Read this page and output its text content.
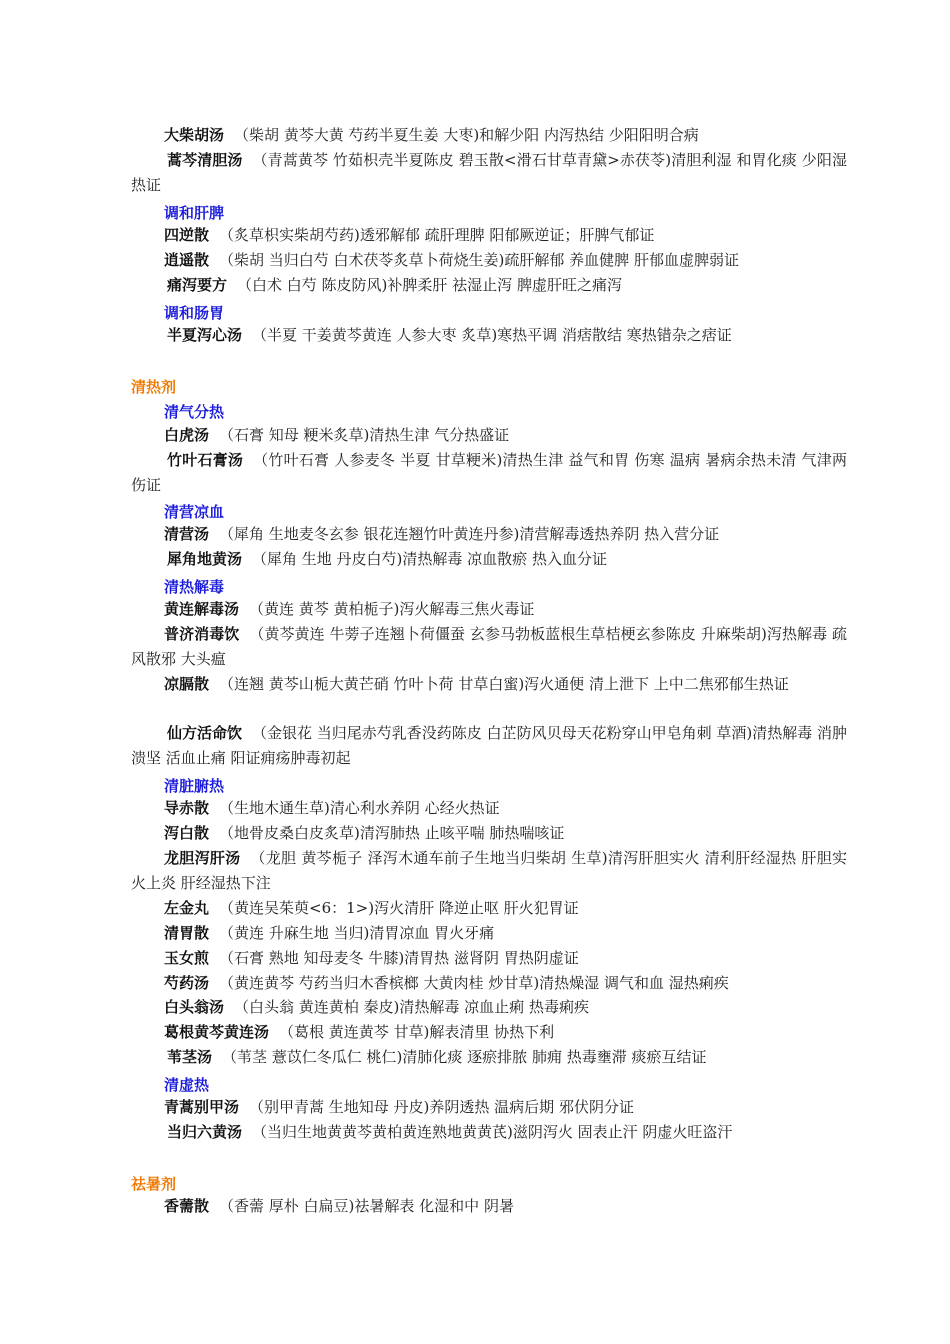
大柴胡汤 （柴胡 黄芩大黄 芍药半夏生姜 大枣)和解少阳 内泻热结 少阳阳明合病
蒿芩清胆汤 （青蒿黄芩 竹茹枳壳半夏陈皮 碧玉散<滑石甘草青黛>赤茯苓)清胆利湿 和胃化痰 少阳湿热证
调和肝脾
四逆散 （炙草枳实柴胡芍药)透邪解郁 疏肝理脾 阳郁厥逆证；肝脾气郁证
逍遥散 （柴胡 当归白芍 白术茯苓炙草卜荷烧生姜)疏肝解郁 养血健脾 肝郁血虚脾弱证
痛泻要方 （白术 白芍 陈皮防风)补脾柔肝 祛湿止泻 脾虚肝旺之痛泻
调和肠胃
半夏泻心汤 （半夏 干姜黄芩黄连 人参大枣 炙草)寒热平调 消痞散结 寒热错杂之痞证
清热剂
清气分热
白虎汤 （石膏 知母 粳米炙草)清热生津 气分热盛证
竹叶石膏汤 （竹叶石膏 人参麦冬 半夏 甘草粳米)清热生津 益气和胃 伤寒 温病 暑病余热未清 气津两伤证
清营凉血
清营汤 （犀角 生地麦冬玄参 银花连翘竹叶黄连丹参)清营解毒透热养阴 热入营分证
犀角地黄汤 （犀角 生地 丹皮白芍)清热解毒 凉血散瘀 热入血分证
清热解毒
黄连解毒汤 （黄连 黄芩 黄柏栀子)泻火解毒三焦火毒证
普济消毒饮 （黄芩黄连 牛蒡子连翘卜荷僵蚕 玄参马勃板蓝根生草桔梗玄参陈皮 升麻柴胡)泻热解毒 疏风散邪 大头瘟
凉膈散 （连翘 黄芩山栀大黄芒硝 竹叶卜荷 甘草白蜜)泻火通便 清上泄下 上中二焦邪郁生热证
仙方活命饮 （金银花 当归尾赤芍乳香没药陈皮 白芷防风贝母天花粉穿山甲皂角刺 草酒)清热解毒 消肿溃坚 活血止痛 阳证痈疡肿毒初起
清脏腑热
导赤散 （生地木通生草)清心利水养阴 心经火热证
泻白散 （地骨皮桑白皮炙草)清泻肺热 止咳平喘 肺热喘咳证
龙胆泻肝汤 （龙胆 黄芩栀子 泽泻木通车前子生地当归柴胡 生草)清泻肝胆实火 清利肝经湿热 肝胆实火上炎 肝经湿热下注
左金丸 （黄连吴茱萸<6：1>)泻火清肝 降逆止呕 肝火犯胃证
清胃散 （黄连 升麻生地 当归)清胃凉血 胃火牙痛
玉女煎 （石膏 熟地 知母麦冬 牛膝)清胃热 滋肾阴 胃热阴虚证
芍药汤 （黄连黄芩 芍药当归木香槟榔 大黄肉桂 炒甘草)清热燥湿 调气和血 湿热痢疾
白头翁汤 （白头翁 黄连黄柏 秦皮)清热解毒 凉血止痢 热毒痢疾
葛根黄芩黄连汤 （葛根 黄连黄芩 甘草)解表清里 协热下利
苇茎汤 （苇茎 薏苡仁冬瓜仁 桃仁)清肺化痰 逐瘀排脓 肺痈 热毒壅滞 痰瘀互结证
清虚热
青蒿别甲汤 （别甲青蒿 生地知母 丹皮)养阴透热 温病后期 邪伏阴分证
当归六黄汤 （当归生地黄黄芩黄柏黄连熟地黄黄芪)滋阴泻火 固表止汗 阴虚火旺盗汗
祛暑剂
香薷散 （香薷 厚朴 白扁豆)祛暑解表 化湿和中 阴暑
